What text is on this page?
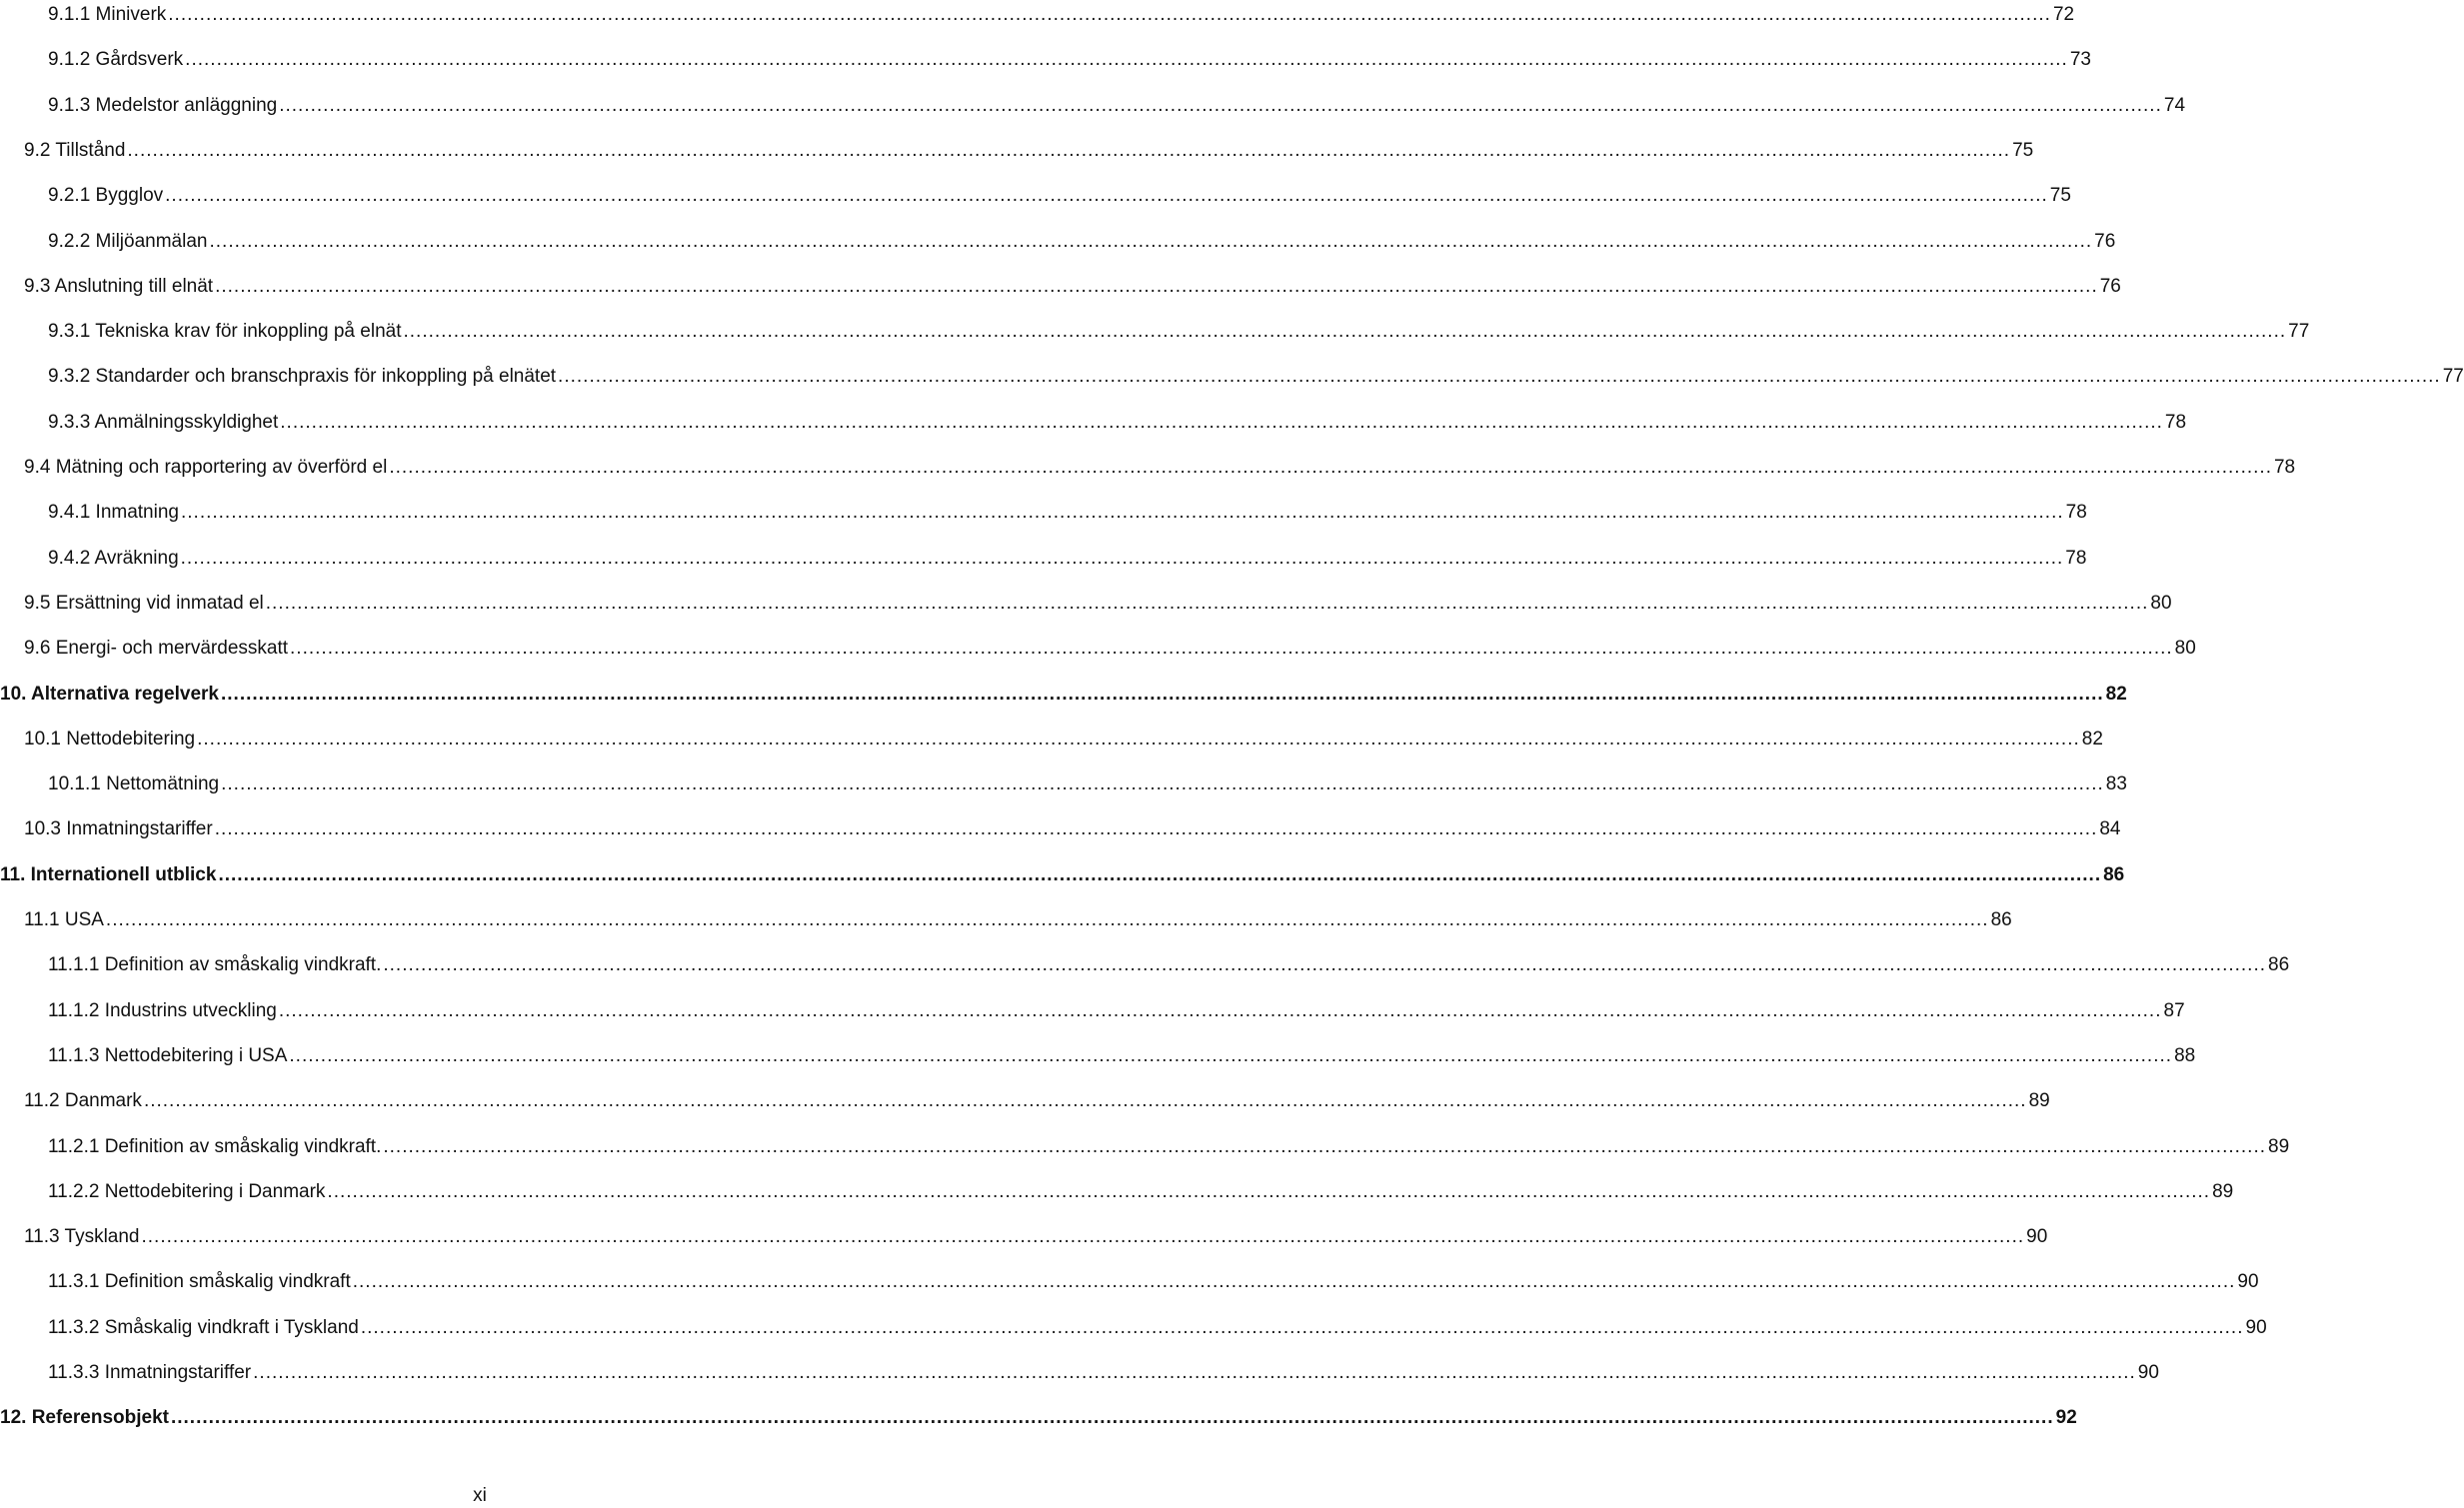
9.1.1 Miniverk ............................................................................................................................................................................................................................................................................................................ 72
9.1.2 Gårdsverk ............................................................................................................................................................................................................................................................................................................ 73
9.1.3 Medelstor anläggning ............................................................................................................................................................................................................................................................................................................ 74
9.2 Tillstånd ............................................................................................................................................................................................................................................................................................................ 75
9.2.1 Bygglov ............................................................................................................................................................................................................................................................................................................ 75
9.2.2 Miljöanmälan ............................................................................................................................................................................................................................................................................................................ 76
9.3 Anslutning till elnät ............................................................................................................................................................................................................................................................................................................ 76
9.3.1 Tekniska krav för inkoppling på elnät ............................................................................................................................................................................................................................................................................................................ 77
9.3.2 Standarder och branschpraxis för inkoppling på elnätet ............................................................................................................................................................................................................................................................................................................ 77
9.3.3 Anmälningsskyldighet ............................................................................................................................................................................................................................................................................................................ 78
9.4 Mätning och rapportering av överförd el ............................................................................................................................................................................................................................................................................................................ 78
9.4.1 Inmatning ............................................................................................................................................................................................................................................................................................................ 78
9.4.2 Avräkning ............................................................................................................................................................................................................................................................................................................ 78
9.5 Ersättning vid inmatad el ............................................................................................................................................................................................................................................................................................................ 80
9.6 Energi- och mervärdesskatt ............................................................................................................................................................................................................................................................................................................ 80
10. Alternativa regelverk ............................................................................................................................................................................................................................................................................................................ 82
10.1 Nettodebitering ............................................................................................................................................................................................................................................................................................................ 82
10.1.1 Nettomätning ............................................................................................................................................................................................................................................................................................................ 83
10.3 Inmatningstariffer ............................................................................................................................................................................................................................................................................................................ 84
11. Internationell utblick ............................................................................................................................................................................................................................................................................................................ 86
11.1 USA ............................................................................................................................................................................................................................................................................................................ 86
11.1.1 Definition av småskalig vindkraft. ............................................................................................................................................................................................................................................................................................................ 86
11.1.2 Industrins utveckling ............................................................................................................................................................................................................................................................................................................ 87
11.1.3 Nettodebitering i USA ............................................................................................................................................................................................................................................................................................................ 88
11.2 Danmark ............................................................................................................................................................................................................................................................................................................ 89
11.2.1 Definition av småskalig vindkraft. ............................................................................................................................................................................................................................................................................................................ 89
11.2.2 Nettodebitering i Danmark ............................................................................................................................................................................................................................................................................................................ 89
11.3 Tyskland ............................................................................................................................................................................................................................................................................................................ 90
11.3.1 Definition småskalig vindkraft ............................................................................................................................................................................................................................................................................................................ 90
11.3.2 Småskalig vindkraft i Tyskland ............................................................................................................................................................................................................................................................................................................ 90
11.3.3 Inmatningstariffer ............................................................................................................................................................................................................................................................................................................ 90
12. Referensobjekt ............................................................................................................................................................................................................................................................................................................ 92
xi
